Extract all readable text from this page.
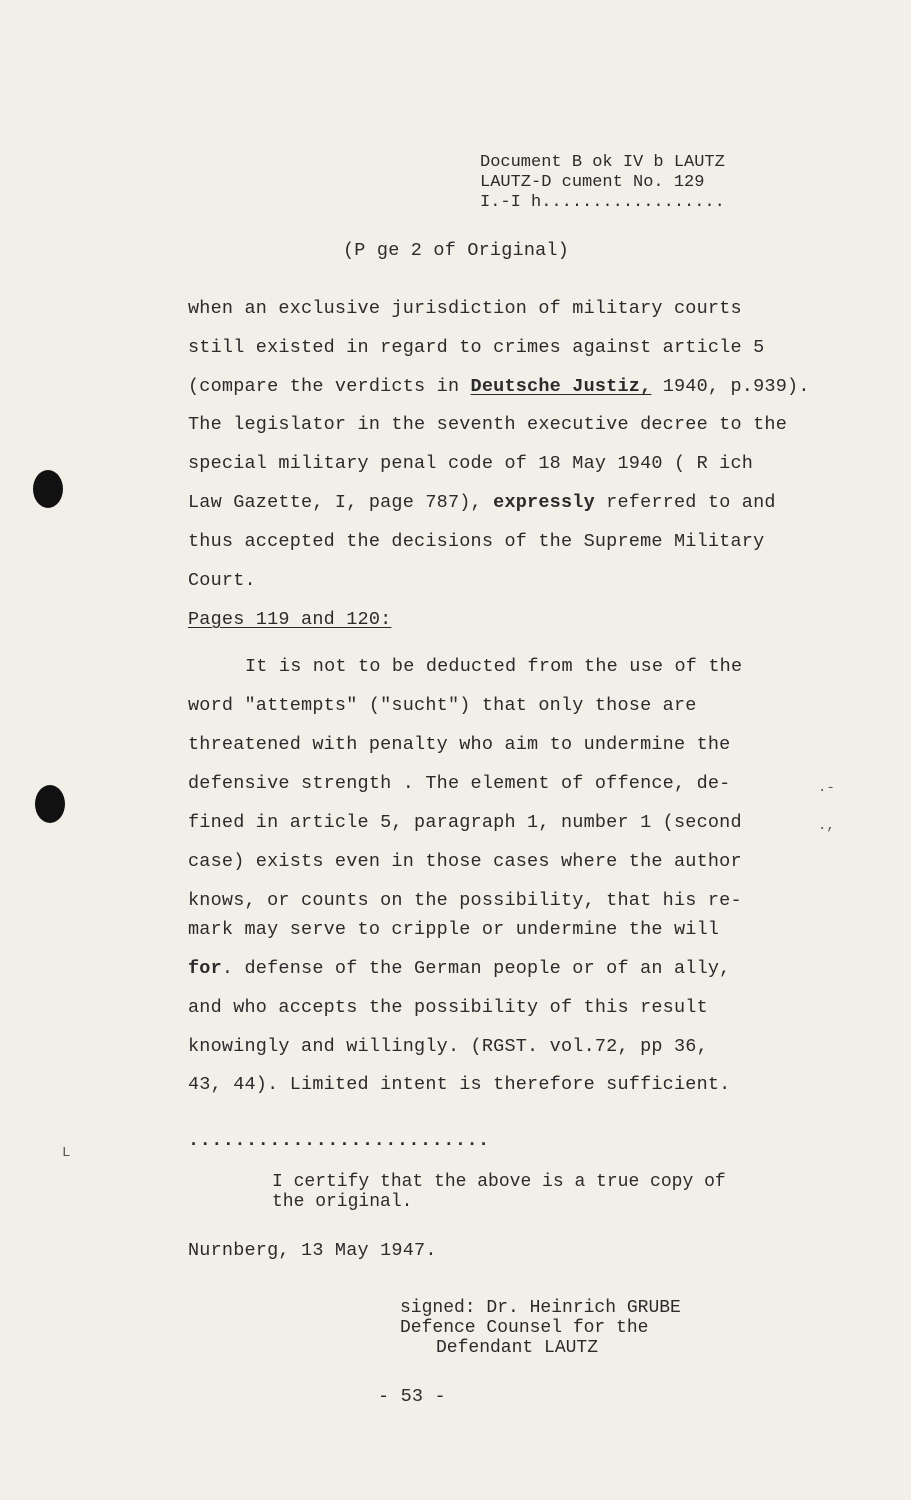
Document B ok IV b LAUTZ
LAUTZ-D cument No. 129
I.-I h..................
(P ge 2 of Original)
when an exclusive jurisdiction of military courts
still existed in regard to crimes against article 5
(compare the verdicts in Deutsche Justiz, 1940, p.939).
The legislator in the seventh executive decree to the
special military penal code of 18 May 1940 ( R ich
Law Gazette, I, page 787), expressly referred to and
thus accepted the decisions of the Supreme Military
Court.
Pages 119 and 120:
It is not to be deducted from the use of the
word "attempts" ("sucht") that only those are
threatened with penalty who aim to undermine the
defensive strength . The element of offence, de-
fined in article 5, paragraph 1, number 1 (second
case) exists even in those cases where the author
knows, or counts on the possibility, that his re-
mark may serve to cripple or undermine the will
for. defense of the German people or of an ally,
and who accepts the possibility of this result
knowingly and willingly. (RGST. vol.72, pp 36,
43, 44). Limited intent is therefore sufficient.
.-
.,
L
..........................
I certify that the above is a true copy of
the original.
Nurnberg, 13 May 1947.
signed: Dr. Heinrich GRUBE
Defence Counsel for the
Defendant LAUTZ
- 53 -
